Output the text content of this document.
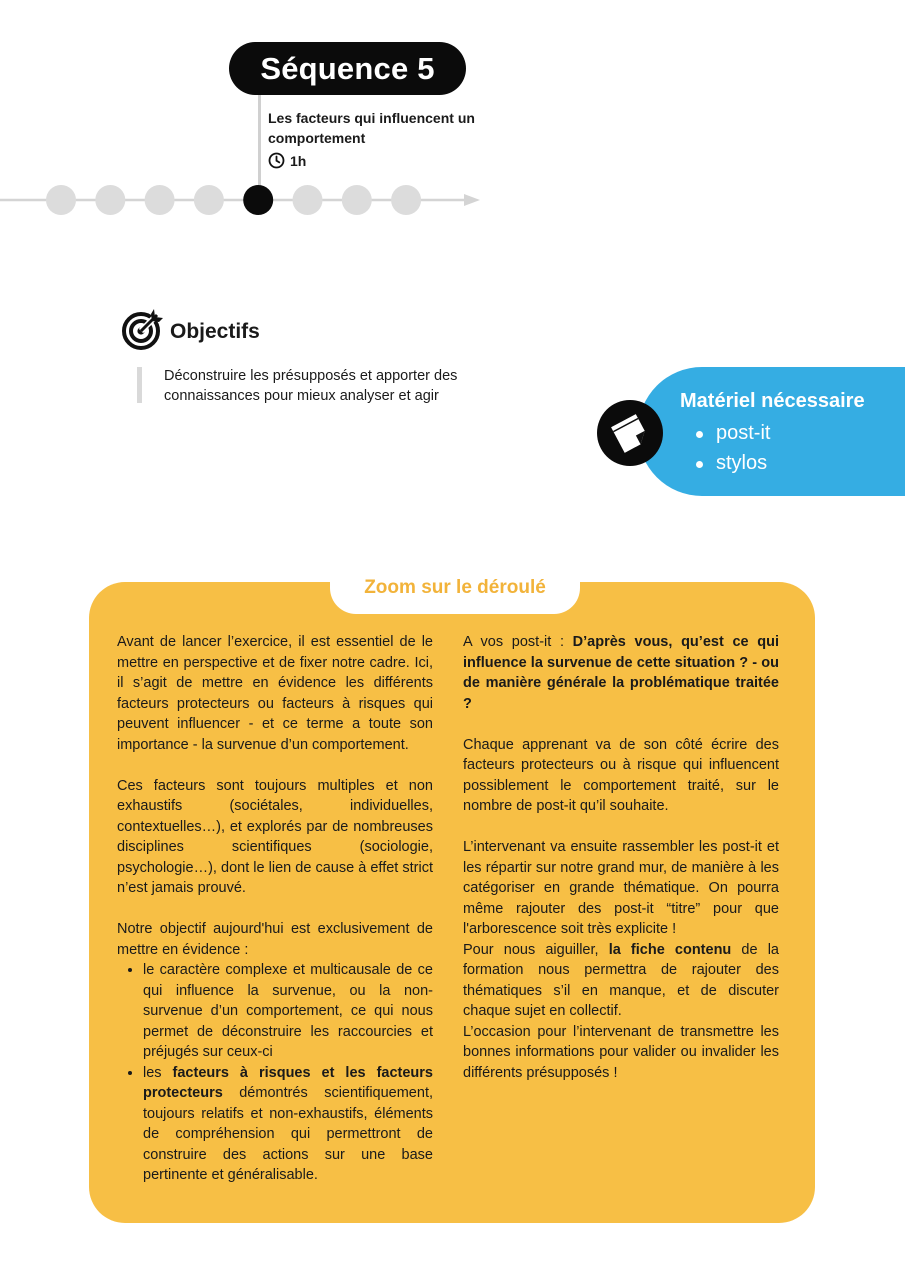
Séquence 5
Les facteurs qui influencent un comportement
1h
Objectifs
Déconstruire les présupposés et apporter des connaissances pour mieux analyser et agir	Matériel nécessaire
post-it
stylos
Zoom sur le déroulé

Avant de lancer l’exercice, il est essentiel de le mettre en perspective et de fixer notre cadre. Ici, il s’agit de mettre en évidence les différents facteurs protecteurs ou facteurs à risques qui peuvent influencer - et ce terme a toute son importance - la survenue d’un comportement.

Ces facteurs sont toujours multiples et non exhaustifs (sociétales, individuelles, contextuelles…), et explorés par de nombreuses disciplines scientifiques (sociologie, psychologie…), dont le lien de cause à effet strict n’est jamais prouvé.

Notre objectif aujourd'hui est exclusivement de mettre en évidence :

• le caractère complexe et multicausale de ce qui influence la survenue, ou la non-survenue d’un comportement, ce qui nous permet de déconstruire les raccourcies et préjugés sur ceux-ci
• les facteurs à risques et les facteurs protecteurs démontrés scientifiquement, toujours relatifs et non-exhaustifs, éléments de compréhension qui permettront de construire des actions sur une base pertinente et généralisable.

A vos post-it : D’après vous, qu’est ce qui influence la survenue de cette situation ? - ou de manière générale la problématique traitée ?

Chaque apprenant va de son côté écrire des facteurs protecteurs ou à risque qui influencent possiblement le comportement traité, sur le nombre de post-it qu’il souhaite.

L’intervenant va ensuite rassembler les post-it et les répartir sur notre grand mur, de manière à les catégoriser en grande thématique. On pourra même rajouter des post-it “titre” pour que l'arborescence soit très explicite !

Pour nous aiguiller, la fiche contenu de la formation nous permettra de rajouter des thématiques s’il en manque, et de discuter chaque sujet en collectif.

L’occasion pour l’intervenant de transmettre les bonnes informations pour valider ou invalider les différents présupposés !
